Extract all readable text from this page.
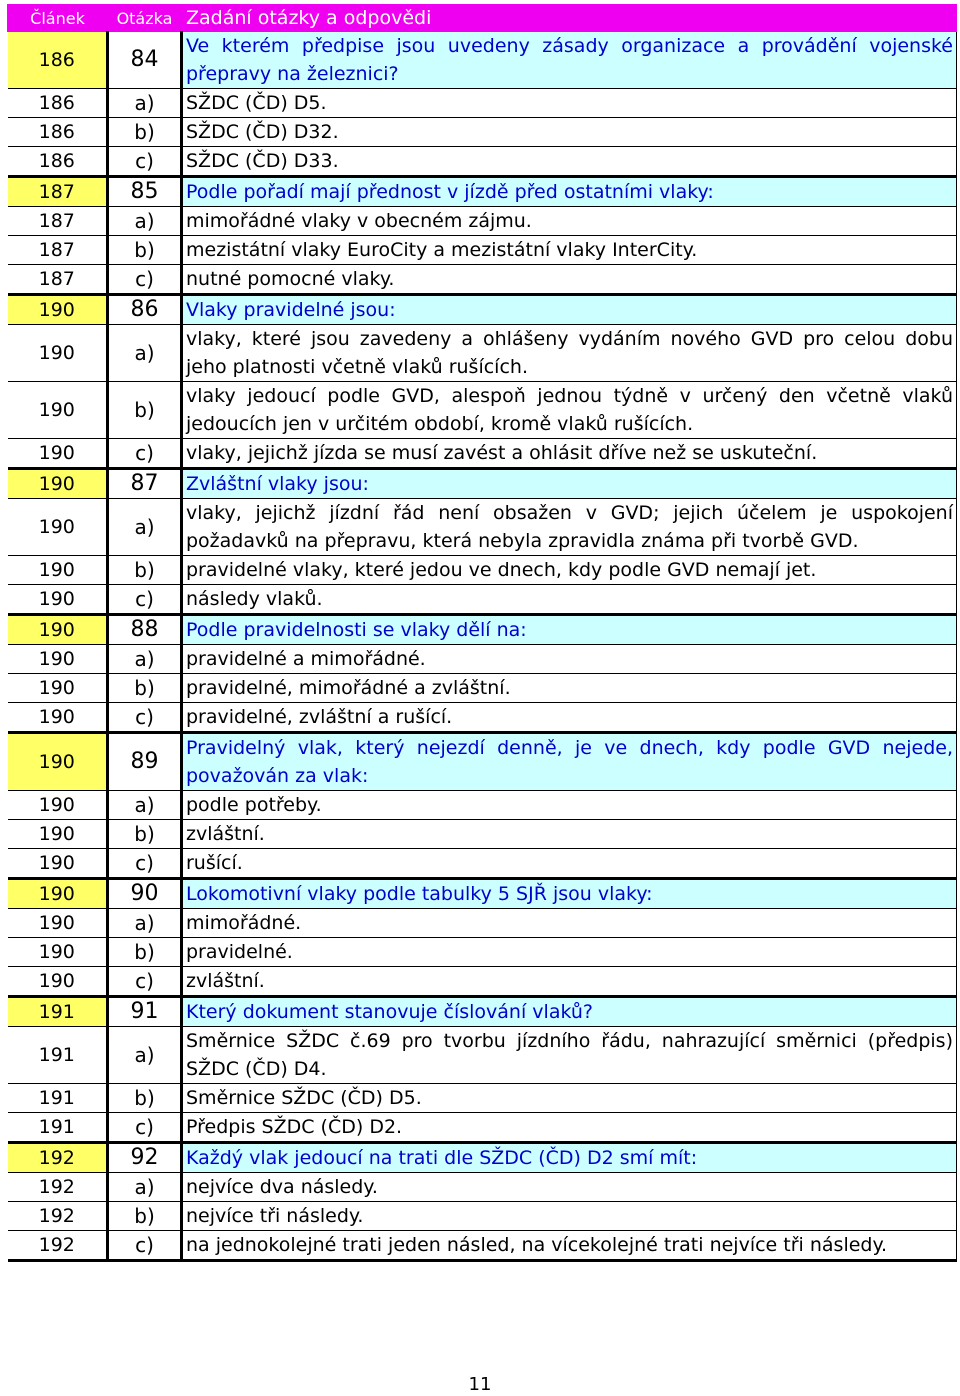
Článek	Otázka	Zadání otázky a odpovědi
186	84	Ve kterém předpise jsou uvedeny zásady organizace a provádění vojenské přepravy na železnici?
186	a)	SŽDC (ČD) D5.
186	b)	SŽDC (ČD) D32.
186	c)	SŽDC (ČD) D33.
187	85	Podle pořadí mají přednost v jízdě před ostatními vlaky:
187	a)	mimořádné vlaky v obecném zájmu.
187	b)	mezistátní vlaky EuroCity a mezistátní vlaky InterCity.
187	c)	nutné pomocné vlaky.
190	86	Vlaky pravidelné jsou:
190	a)	vlaky, které jsou zavedeny a ohlášeny vydáním nového GVD pro celou dobu jeho platnosti včetně vlaků rušících.
190	b)	vlaky jedoucí podle GVD, alespoň jednou týdně v určený den včetně vlaků jedoucích jen v určitém období, kromě vlaků rušících.
190	c)	vlaky, jejichž jízda se musí zavést a ohlásit dříve než se uskuteční.
190	87	Zvláštní vlaky jsou:
190	a)	vlaky, jejichž jízdní řád není obsažen v GVD; jejich účelem je uspokojení požadavků na přepravu, která nebyla zpravidla známa při tvorbě GVD.
190	b)	pravidelné vlaky, které jedou ve dnech, kdy podle GVD nemají jet.
190	c)	následy vlaků.
190	88	Podle pravidelnosti se vlaky dělí na:
190	a)	pravidelné a mimořádné.
190	b)	pravidelné, mimořádné a zvláštní.
190	c)	pravidelné, zvláštní a rušící.
190	89	Pravidelný vlak, který nejezdí denně, je ve dnech, kdy podle GVD nejede, považován za vlak:
190	a)	podle potřeby.
190	b)	zvláštní.
190	c)	rušící.
190	90	Lokomotivní vlaky podle tabulky 5 SJŘ jsou vlaky:
190	a)	mimořádné.
190	b)	pravidelné.
190	c)	zvláštní.
191	91	Který dokument stanovuje číslování vlaků?
191	a)	Směrnice SŽDC č.69 pro tvorbu jízdního řádu, nahrazující směrnici (předpis) SŽDC (ČD) D4.
191	b)	Směrnice SŽDC (ČD) D5.
191	c)	Předpis SŽDC (ČD) D2.
192	92	Každý vlak jedoucí na trati dle SŽDC (ČD) D2 smí mít:
192	a)	nejvíce dva následy.
192	b)	nejvíce tři následy.
192	c)	na jednokolejné trati jeden násled, na vícekolejné trati nejvíce tři následy.
11
